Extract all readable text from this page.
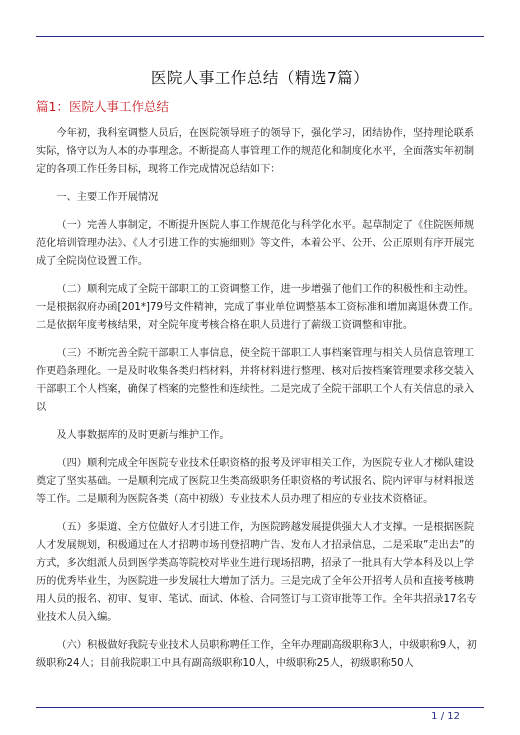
医院人事工作总结（精选7篇）
篇1：医院人事工作总结

今年初，我科室调整人员后，在医院领导班子的领导下，强化学习，团结协作，坚持理论联系实际，恪守以为人本的办事理念。不断提高人事管理工作的规范化和制度化水平，全面落实年初制定的各项工作任务目标，现将工作完成情况总结如下：

一、主要工作开展情况

（一）完善人事制定，不断提升医院人事工作规范化与科学化水平。起草制定了《住院医师规范化培训管理办法》、《人才引进工作的实施细则》等文件，本着公平、公开、公正原则有序开展完成了全院岗位设置工作。

（二）顺利完成了全院干部职工的工资调整工作，进一步增强了他们工作的积极性和主动性。一是根据叙府办函[201*]79号文件精神，完成了事业单位调整基本工资标准和增加离退休费工作。二是依据年度考核结果，对全院年度考核合格在职人员进行了薪级工资调整和审批。

（三）不断完善全院干部职工人事信息，使全院干部职工人事档案管理与相关人员信息管理工作更趋条理化。一是及时收集各类归档材料，并将材料进行整理、核对后按档案管理要求移交装入干部职工个人档案，确保了档案的完整性和连续性。二是完成了全院干部职工个人有关信息的录入以

及人事数据库的及时更新与维护工作。

（四）顺利完成全年医院专业技术任职资格的报考及评审相关工作，为医院专业人才梯队建设奠定了坚实基础。一是顺利完成了医院卫生类高级职务任职资格的考试报名、院内评审与材料报送等工作。二是顺利为医院各类（高中初级）专业技术人员办理了相应的专业技术资格证。

（五）多渠道、全方位做好人才引进工作，为医院跨越发展提供强大人才支撑。一是根据医院人才发展规划，积极通过在人才招聘市场刊登招聘广告、发布人才招录信息，二是采取”走出去”的方式，多次组派人员到医学类高等院校对毕业生进行现场招聘，招录了一批具有大学本科及以上学历的优秀毕业生，为医院进一步发展壮大增加了活力。三是完成了全年公开招考人员和直接考核聘用人员的报名、初审、复审、笔试、面试、体检、合同签订与工资审批等工作。全年共招录17名专业技术人员入编。

（六）积极做好我院专业技术人员职称聘任工作，全年办理副高级职称3人，中级职称9人，初级职称24人；目前我院职工中具有副高级职称10人，中级职称25人，初级职称50人

1 / 12
